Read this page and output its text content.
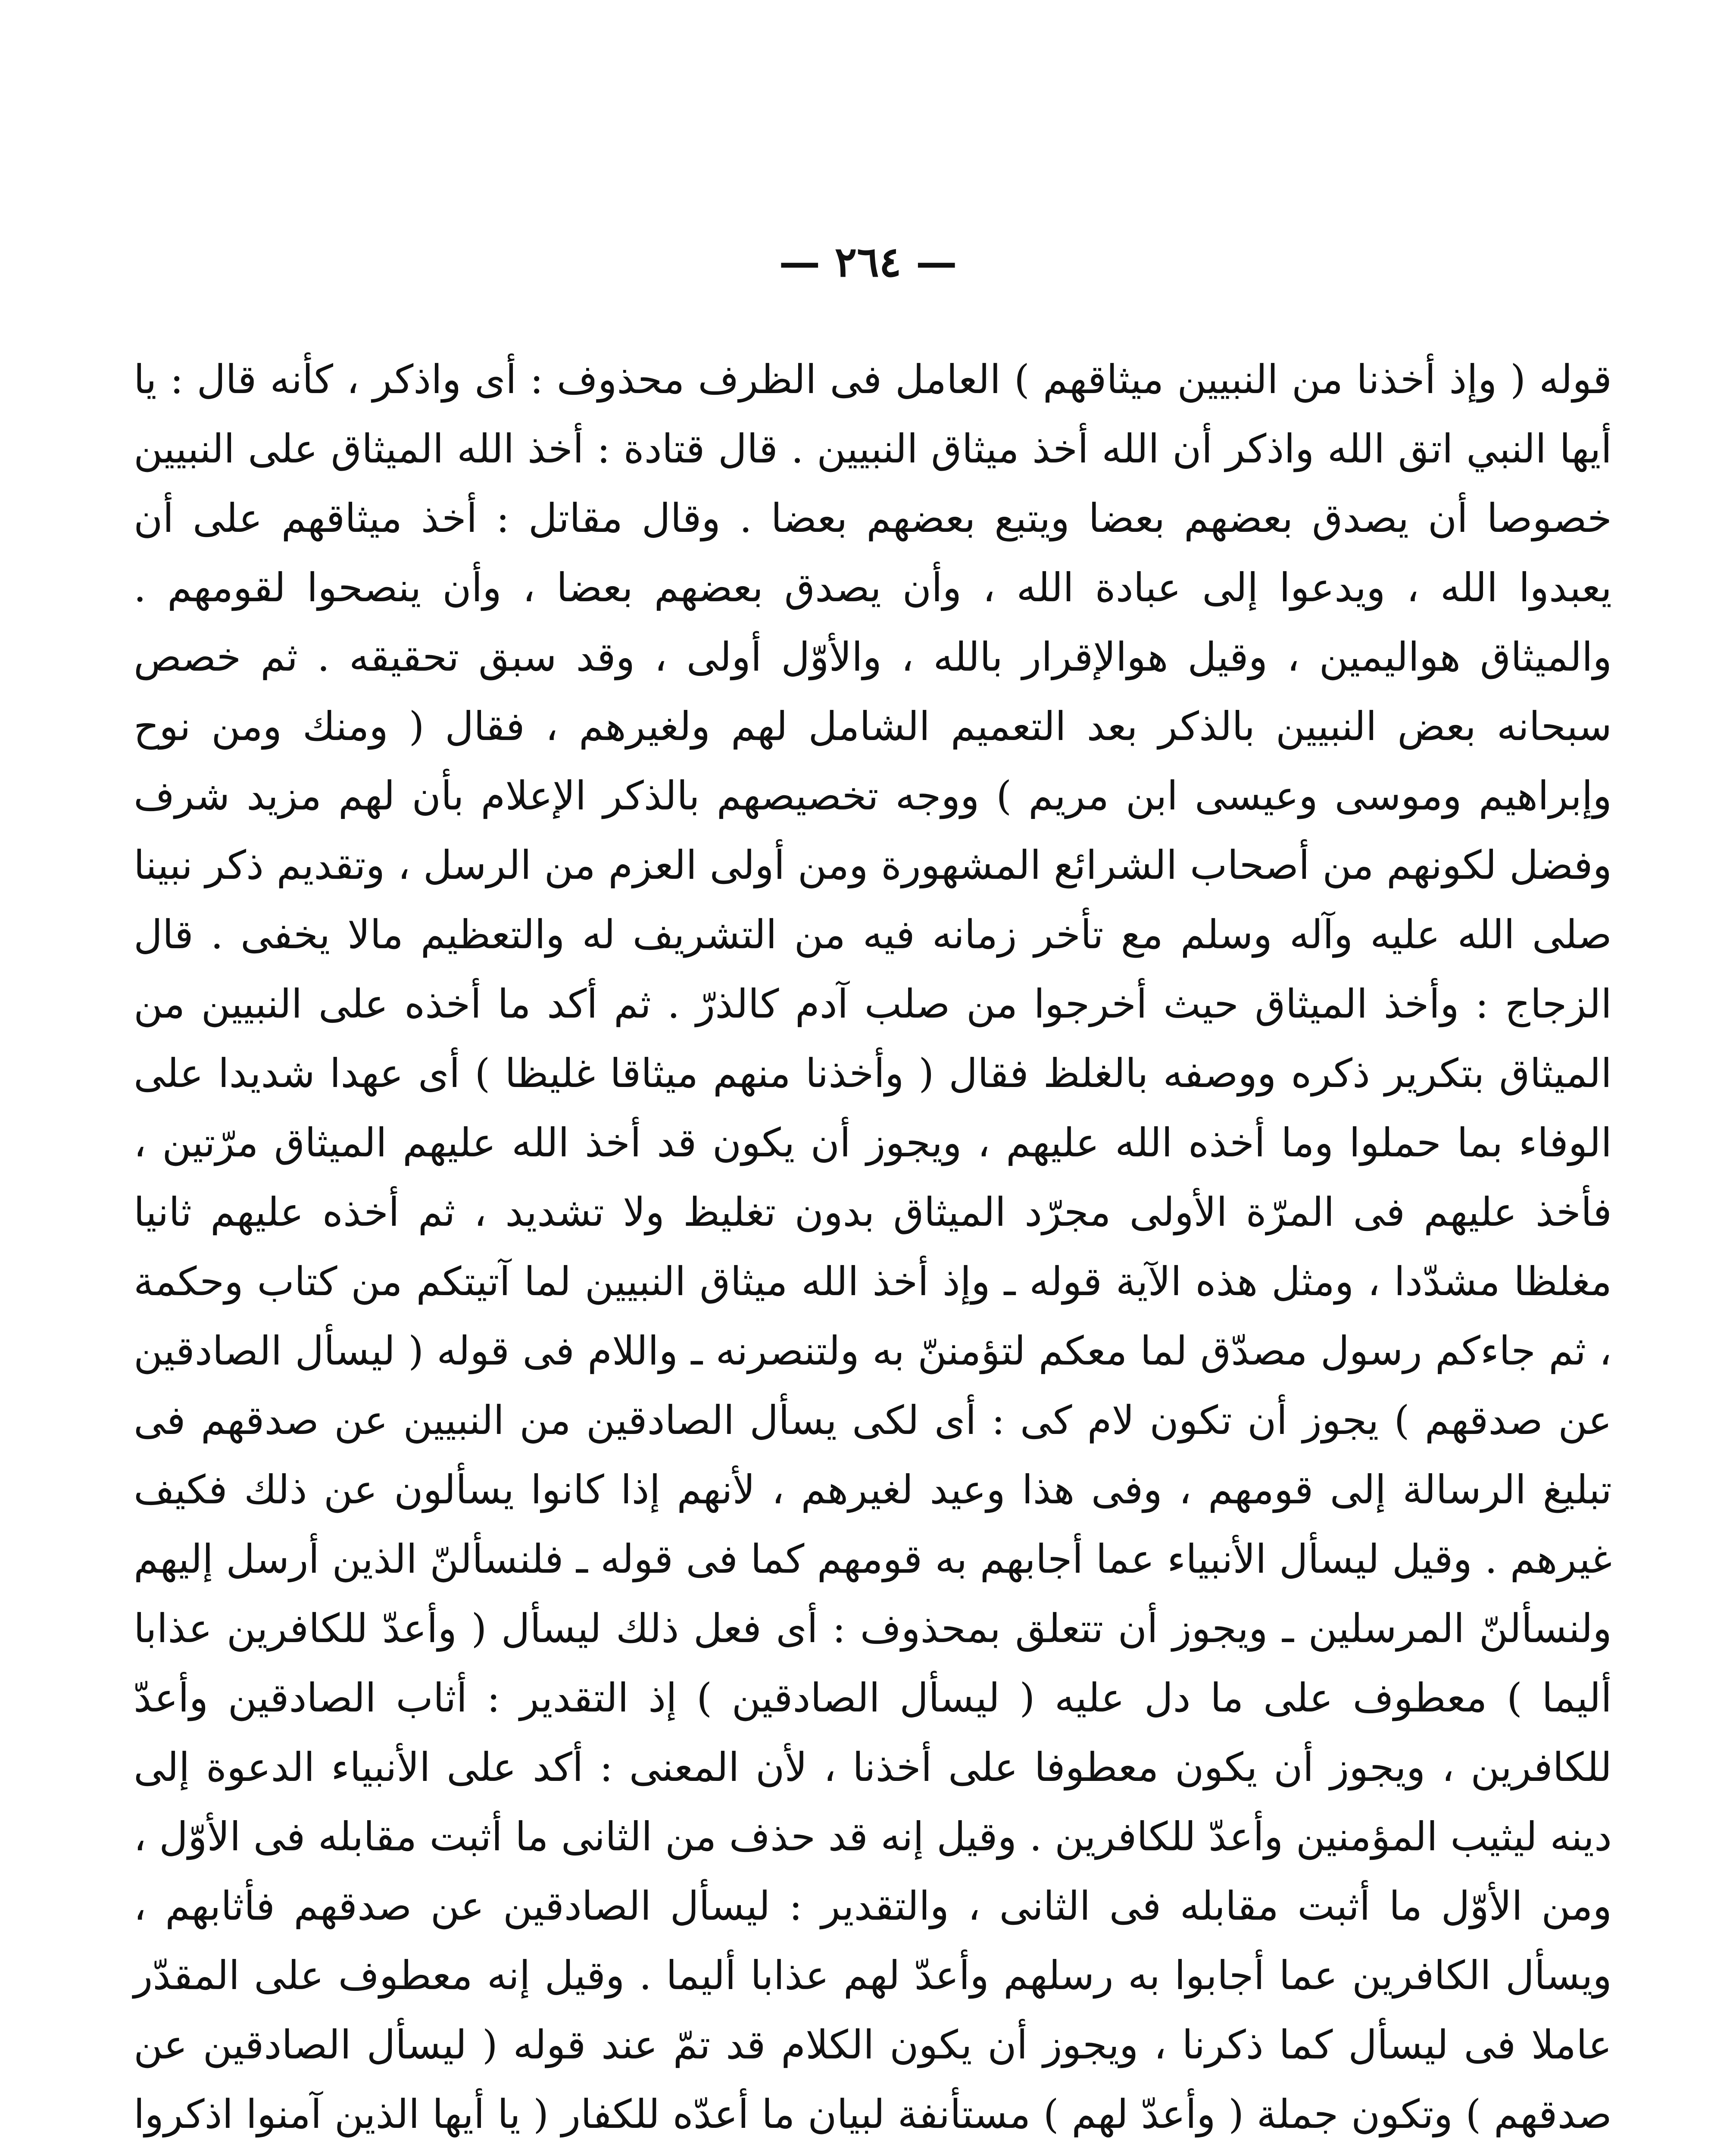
— ٢٦٤ —

قوله ( وإذ أخذنا من النبيين ميثاقهم ) العامل فى الظرف محذوف : أى واذكر ، كأنه قال : يا أيها النبي اتق الله واذكر أن الله أخذ ميثاق النبيين . قال قتادة : أخذ الله الميثاق على النبيين خصوصا أن يصدق بعضهم بعضا ويتبع بعضهم بعضا . وقال مقاتل : أخذ ميثاقهم على أن يعبدوا الله ، ويدعوا إلى عبادة الله ، وأن يصدق بعضهم بعضا ، وأن ينصحوا لقومهم . والميثاق هواليمين ، وقيل هوالإقرار بالله ، والأوّل أولى ، وقد سبق تحقيقه . ثم خصص سبحانه بعض النبيين بالذكر بعد التعميم الشامل لهم ولغيرهم ، فقال ( ومنك ومن نوح وإبراهيم وموسى وعيسى ابن مريم ) ووجه تخصيصهم بالذكر الإعلام بأن لهم مزيد شرف وفضل لكونهم من أصحاب الشرائع المشهورة ومن أولى العزم من الرسل ، وتقديم ذكر نبينا صلى الله عليه وآله وسلم مع تأخر زمانه فيه من التشريف له والتعظيم مالا يخفى . قال الزجاج : وأخذ الميثاق حيث أخرجوا من صلب آدم كالذرّ . ثم أكد ما أخذه على النبيين من الميثاق بتكرير ذكره ووصفه بالغلظ فقال ( وأخذنا منهم ميثاقا غليظا ) أى عهدا شديدا على الوفاء بما حملوا وما أخذه الله عليهم ، ويجوز أن يكون قد أخذ الله عليهم الميثاق مرّتين ، فأخذ عليهم فى المرّة الأولى مجرّد الميثاق بدون تغليظ ولا تشديد ، ثم أخذه عليهم ثانيا مغلظا مشدّدا ، ومثل هذه الآية قوله ـ وإذ أخذ الله ميثاق النبيين لما آتيتكم من كتاب وحكمة ، ثم جاءكم رسول مصدّق لما معكم لتؤمننّ به ولتنصرنه ـ واللام فى قوله ( ليسأل الصادقين عن صدقهم ) يجوز أن تكون لام كى : أى لكى يسأل الصادقين من النبيين عن صدقهم فى تبليغ الرسالة إلى قومهم ، وفى هذا وعيد لغيرهم ، لأنهم إذا كانوا يسألون عن ذلك فكيف غيرهم . وقيل ليسأل الأنبياء عما أجابهم به قومهم كما فى قوله ـ فلنسألنّ الذين أرسل إليهم ولنسألنّ المرسلين ـ ويجوز أن تتعلق بمحذوف : أى فعل ذلك ليسأل ( وأعدّ للكافرين عذابا أليما ) معطوف على ما دل عليه ( ليسأل الصادقين ) إذ التقدير : أثاب الصادقين وأعدّ للكافرين ، ويجوز أن يكون معطوفا على أخذنا ، لأن المعنى : أكد على الأنبياء الدعوة إلى دينه ليثيب المؤمنين وأعدّ للكافرين . وقيل إنه قد حذف من الثانى ما أثبت مقابله فى الأوّل ، ومن الأوّل ما أثبت مقابله فى الثانى ، والتقدير : ليسأل الصادقين عن صدقهم فأثابهم ، ويسأل الكافرين عما أجابوا به رسلهم وأعدّ لهم عذابا أليما . وقيل إنه معطوف على المقدّر عاملا فى ليسأل كما ذكرنا ، ويجوز أن يكون الكلام قد تمّ عند قوله ( ليسأل الصادقين عن صدقهم ) وتكون جملة ( وأعدّ لهم ) مستأنفة لبيان ما أعدّه للكفار ( يا أيها الذين آمنوا اذكروا
